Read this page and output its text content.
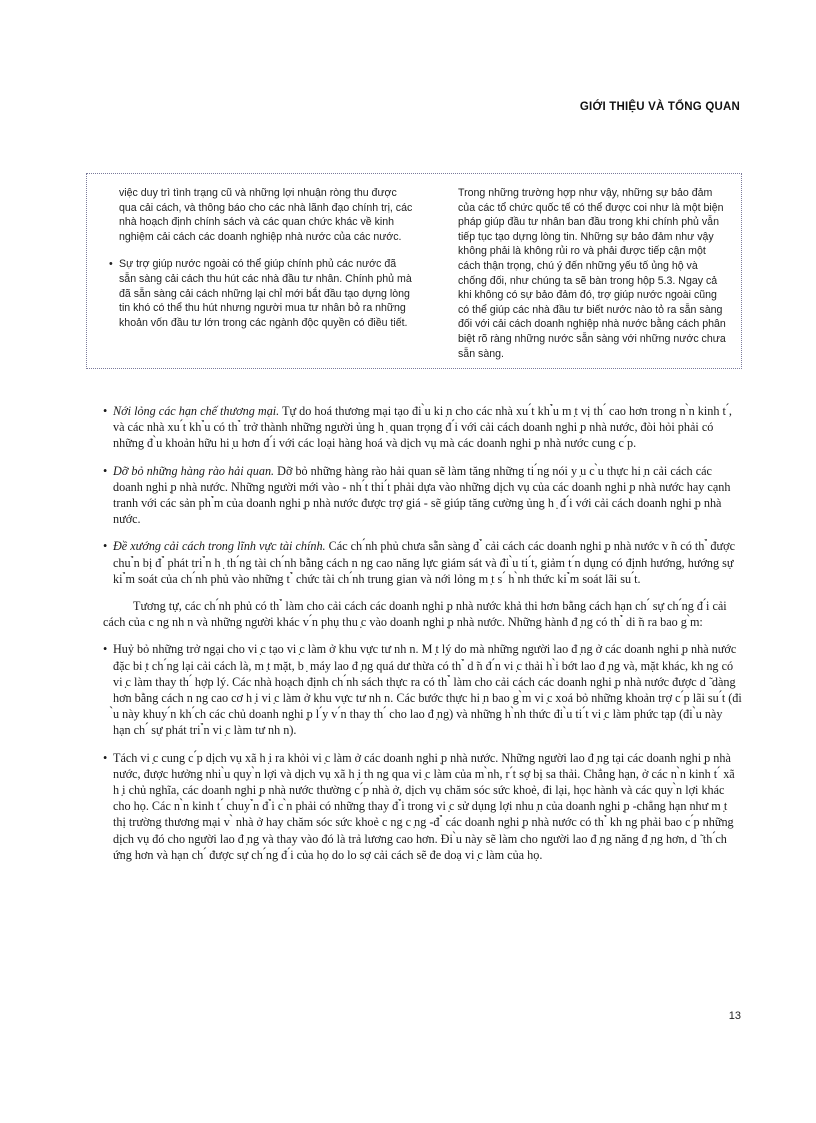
GIỚI THIỆU VÀ TỔNG QUAN

việc duy trì tình trạng cũ và những lợi nhuận ròng thu được qua cải cách, và thông báo cho các nhà lãnh đạo chính trị, các nhà hoạch định chính sách và các quan chức khác về kinh nghiệm cải cách các doanh nghiệp nhà nước của các nước.

• Sự trợ giúp nước ngoài có thể giúp chính phủ các nước đã sẵn sàng cải cách thu hút các nhà đầu tư nhân. Chính phủ mà đã sẵn sàng cải cách những lại chỉ mới bắt đầu tạo dựng lòng tin khó có thể thu hút nhưng người mua tư nhân bỏ ra những khoản vốn đầu tư lớn trong các ngành độc quyền có điều tiết.

Trong những trường hợp như vậy, những sự bảo đảm của các tổ chức quốc tế có thể được coi như là một biện pháp giúp đầu tư nhân ban đầu trong khi chính phủ vẫn tiếp tục tạo dựng lòng tin. Những sự bảo đảm như vậy không phải là không rủi ro và phải được tiếp cận một cách thận trọng, chú ý đến những yếu tố ủng hộ và chống đối, như chúng ta sẽ bàn trong hộp 5.3. Ngay cả khi không có sự bảo đảm đó, trợ giúp nước ngoài cũng có thể giúp các nhà đầu tư biết nước nào tỏ ra sẵn sàng đối với cải cách doanh nghiệp nhà nước bằng cách phân biệt rõ ràng những nước sẵn sàng với những nước chưa sẵn sàng.

• Nới lỏng các hạn chế thương mại. Tự do hoá thương mại tạo đi ̀u ki ̣n cho các nhà xu ́t kh ̉u m ̣t vị th ́ cao hơn trong n ̀n kinh t ́, và các nhà xu ́t kh ̉u có th ̉ trở thành những người ủng h ̣ quan trọng đ ́i với cải cách doanh nghi ̣p nhà nước, đòi hỏi phải có những đ ̀u khoản hữu hi ̣u hơn đ ́i với các loại hàng hoá và dịch vụ mà các doanh nghi ̣p nhà nước cung c ́p.
• Dỡ bỏ những hàng rào hải quan. Dỡ bỏ những hàng rào hải quan sẽ làm tăng những ti ́ng nói y ̣u c ̀u thực hi ̣n cải cách các doanh nghi ̣p nhà nước. Những người mới vào - nh ́t thi ́t phải dựa vào những dịch vụ của các doanh nghi ̣p nhà nước hay cạnh tranh với các sản ph ̉m của doanh nghi ̣p nhà nước được trợ giá - sẽ giúp tăng cường ủng h ̣ đ ́i với cải cách doanh nghi ̣p nhà nước.
• Đề xướng cải cách trong lĩnh vực tài chính. Các ch ́nh phủ chưa sẵn sàng đ ̉ cải cách các doanh nghi ̣p nhà nước v ̃n có th ̉ được chu ̉n bị đ ̉ phát tri ̉n h ̣ th ́ng tài ch ́nh bằng cách n ng cao năng lực giám sát và đi ̀u ti ́t, giảm t ́n dụng có định hướng, hướng sự ki ̉m soát của ch ́nh phủ vào những t ̉ chức tài ch ́nh trung gian và nới lỏng m ̣t s ́ h ̀nh thức ki ̉m soát lãi su ́t.

Tương tự, các ch ́nh phủ có th ̉ làm cho cải cách các doanh nghi ̣p nhà nước khả thi hơn bằng cách hạn ch ́ sự ch ́ng đ ́i cải cách của c ng nh n và những người khác v ́n phụ thu ̣c vào doanh nghi ̣p nhà nước. Những hành đ ̣ng có th ̉ di ̃n ra bao g ̀m:

• Huỷ bỏ những trở ngại cho vi ̣c tạo vi ̣c làm ở khu vực tư nh n. M ̣t lý do mà những người lao đ ̣ng ở các doanh nghi ̣p nhà nước đặc bi ̣t ch ́ng lại cải cách là, m ̣t mặt, b ̣ máy lao đ ̣ng quá dư thừa có th ̉ d ̃n đ ́n vi ̣c thải h ̀i bớt lao đ ̣ng và, mặt khác, kh ng có vi ̣c làm thay th ́ hợp lý. Các nhà hoạch định ch ́nh sách thực ra có th ̉ làm cho cải cách các doanh nghi ̣p nhà nước được d ̃ dàng hơn bằng cách n ng cao cơ h ̣i vi ̣c làm ở khu vực tư nh n. Các bước thực hi ̣n bao g ̀m vi ̣c xoá bỏ những khoản trợ c ́p lãi su ́t (đi ̀u này khuy ́n kh ́ch các chủ doanh nghi ̣p l ́y v ́n thay th ́ cho lao đ ̣ng) và những h ̀nh thức đi ̀u ti ́t vi ̣c làm phức tạp (đi ̀u này hạn ch ́ sự phát tri ̉n vi ̣c làm tư nh n).
• Tách vi ̣c cung c ́p dịch vụ xã h ̣i ra khỏi vi ̣c làm ở các doanh nghi ̣p nhà nước. Những người lao đ ̣ng tại các doanh nghi ̣p nhà nước, được hưởng nhi ̀u quy ̀n lợi và dịch vụ xã h ̣i th ng qua vi ̣c làm của m ̀nh, r ́t sợ bị sa thải. Chẳng hạn, ở các n ̀n kinh t ́ xã h ̣i chủ nghĩa, các doanh nghi ̣p nhà nước thường c ́p nhà ở, dịch vụ chăm sóc sức khoẻ, đi lại, học hành và các quy ̀n lợi khác cho họ. Các n ̀n kinh t ́ chuy ̉n đ ̉i c ̀n phải có những thay đ ̉i trong vi ̣c sử dụng lợi nhu ̣n của doanh nghi ̣p -chẳng hạn như m ̣t thị trường thương mại v ̀ nhà ở hay chăm sóc sức khoẻ c ng c ̣ng -đ ̉ các doanh nghi ̣p nhà nước có th ̉ kh ng phải bao c ́p những dịch vụ đó cho người lao đ ̣ng và thay vào đó là trả lương cao hơn. Đi ̀u này sẽ làm cho người lao đ ̣ng năng đ ̣ng hơn, d ̃ th ́ch ứng hơn và hạn ch ́ được sự ch ́ng đ ́i của họ do lo sợ cải cách sẽ đe doạ vi ̣c làm của họ.
13
